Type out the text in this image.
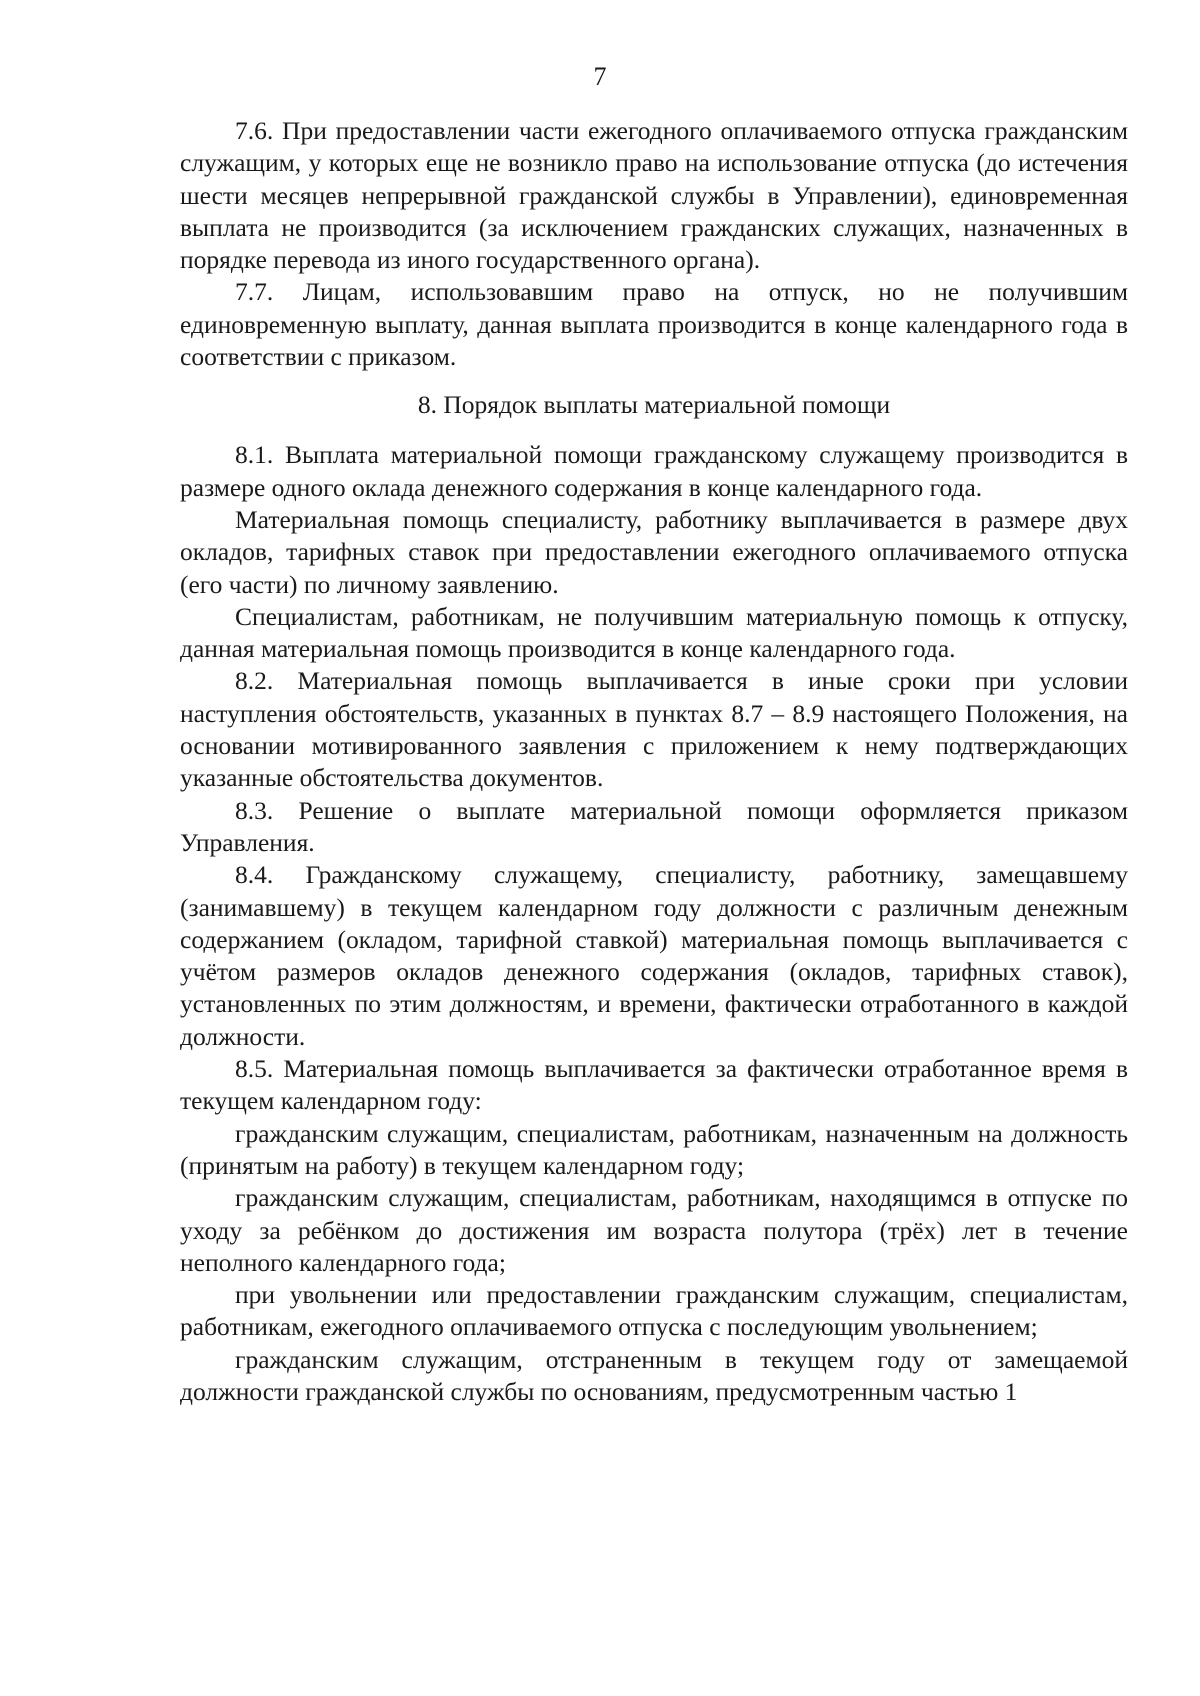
7

7.6. При предоставлении части ежегодного оплачиваемого отпуска гражданским служащим, у которых еще не возникло право на использование отпуска (до истечения шести месяцев непрерывной гражданской службы в Управлении), единовременная выплата не производится (за исключением гражданских служащих, назначенных в порядке перевода из иного государственного органа).

7.7. Лицам, использовавшим право на отпуск, но не получившим единовременную выплату, данная выплата производится в конце календарного года в соответствии с приказом.

8. Порядок выплаты материальной помощи

8.1. Выплата материальной помощи гражданскому служащему производится в размере одного оклада денежного содержания в конце календарного года.

Материальная помощь специалисту, работнику выплачивается в размере двух окладов, тарифных ставок при предоставлении ежегодного оплачиваемого отпуска (его части) по личному заявлению.

Специалистам, работникам, не получившим материальную помощь к отпуску, данная материальная помощь производится в конце календарного года.

8.2. Материальная помощь выплачивается в иные сроки при условии наступления обстоятельств, указанных в пунктах 8.7 – 8.9 настоящего Положения, на основании мотивированного заявления с приложением к нему подтверждающих указанные обстоятельства документов.

8.3. Решение о выплате материальной помощи оформляется приказом Управления.

8.4. Гражданскому служащему, специалисту, работнику, замещавшему (занимавшему) в текущем календарном году должности с различным денежным содержанием (окладом, тарифной ставкой) материальная помощь выплачивается с учётом размеров окладов денежного содержания (окладов, тарифных ставок), установленных по этим должностям, и времени, фактически отработанного в каждой должности.

8.5. Материальная помощь выплачивается за фактически отработанное время в текущем календарном году:

гражданским служащим, специалистам, работникам, назначенным на должность (принятым на работу) в текущем календарном году;

гражданским служащим, специалистам, работникам, находящимся в отпуске по уходу за ребёнком до достижения им возраста полутора (трёх) лет в течение неполного календарного года;

при увольнении или предоставлении гражданским служащим, специалистам, работникам, ежегодного оплачиваемого отпуска с последующим увольнением;

гражданским служащим, отстраненным в текущем году от замещаемой должности гражданской службы по основаниям, предусмотренным частью 1
